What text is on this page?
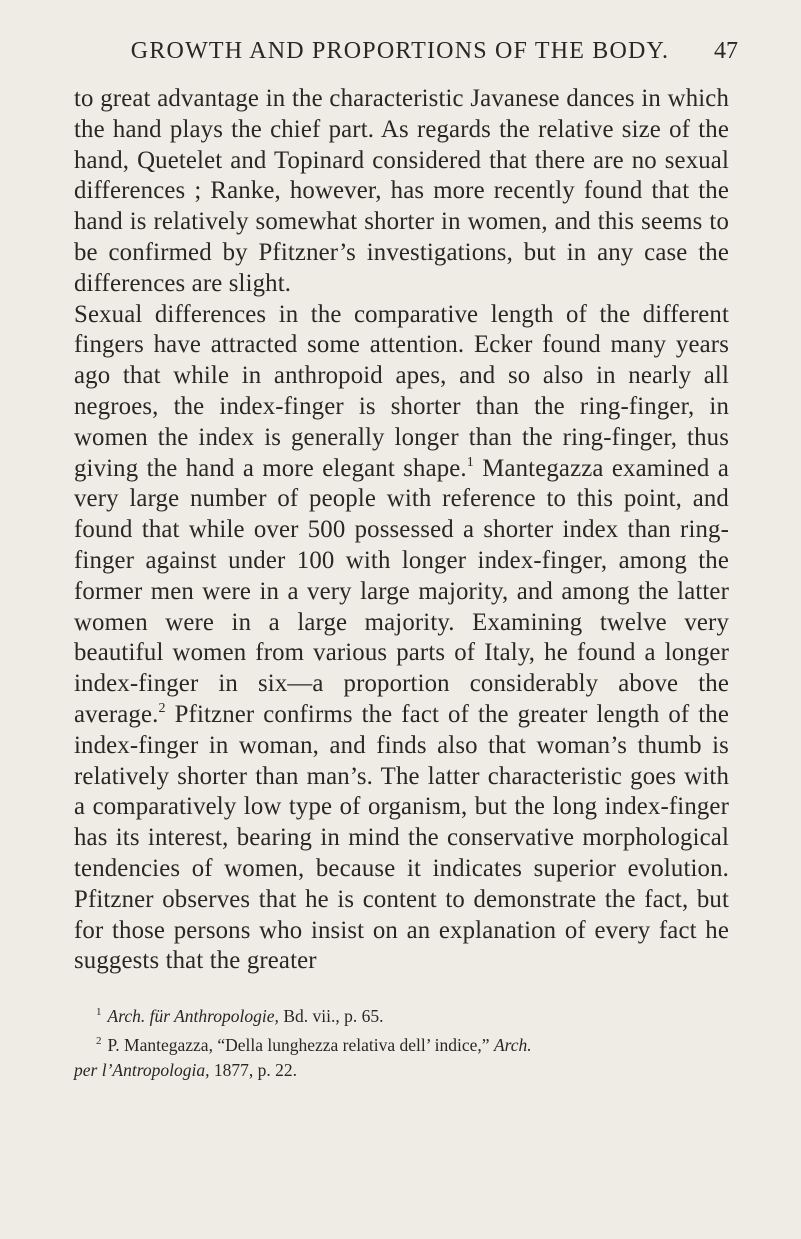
GROWTH AND PROPORTIONS OF THE BODY.	47

to great advantage in the characteristic Javanese dances in which the hand plays the chief part. As regards the relative size of the hand, Quetelet and Topinard considered that there are no sexual differences ; Ranke, however, has more recently found that the hand is relatively somewhat shorter in women, and this seems to be confirmed by Pfitzner’s investigations, but in any case the differences are slight.

Sexual differences in the comparative length of the different fingers have attracted some attention. Ecker found many years ago that while in anthropoid apes, and so also in nearly all negroes, the index-finger is shorter than the ring-finger, in women the index is generally longer than the ring-finger, thus giving the hand a more elegant shape.$^1$ Mantegazza examined a very large number of people with reference to this point, and found that while over 500 possessed a shorter index than ring-finger against under 100 with longer index-finger, among the former men were in a very large majority, and among the latter women were in a large majority. Examining twelve very beautiful women from various parts of Italy, he found a longer index-finger in six—a proportion considerably above the average.$^2$ Pfitzner confirms the fact of the greater length of the index-finger in woman, and finds also that woman’s thumb is relatively shorter than man’s. The latter characteristic goes with a comparatively low type of organism, but the long index-finger has its interest, bearing in mind the conservative morphological tendencies of women, because it indicates superior evolution. Pfitzner observes that he is content to demonstrate the fact, but for those persons who insist on an explanation of every fact he suggests that the greater

$^1$ Arch. für Anthropologie, Bd. vii., p. 65.

$^2$ P. Mantegazza, “Della lunghezza relativa dell’ indice,” Arch.

per l’Antropologia, 1877, p. 22.
